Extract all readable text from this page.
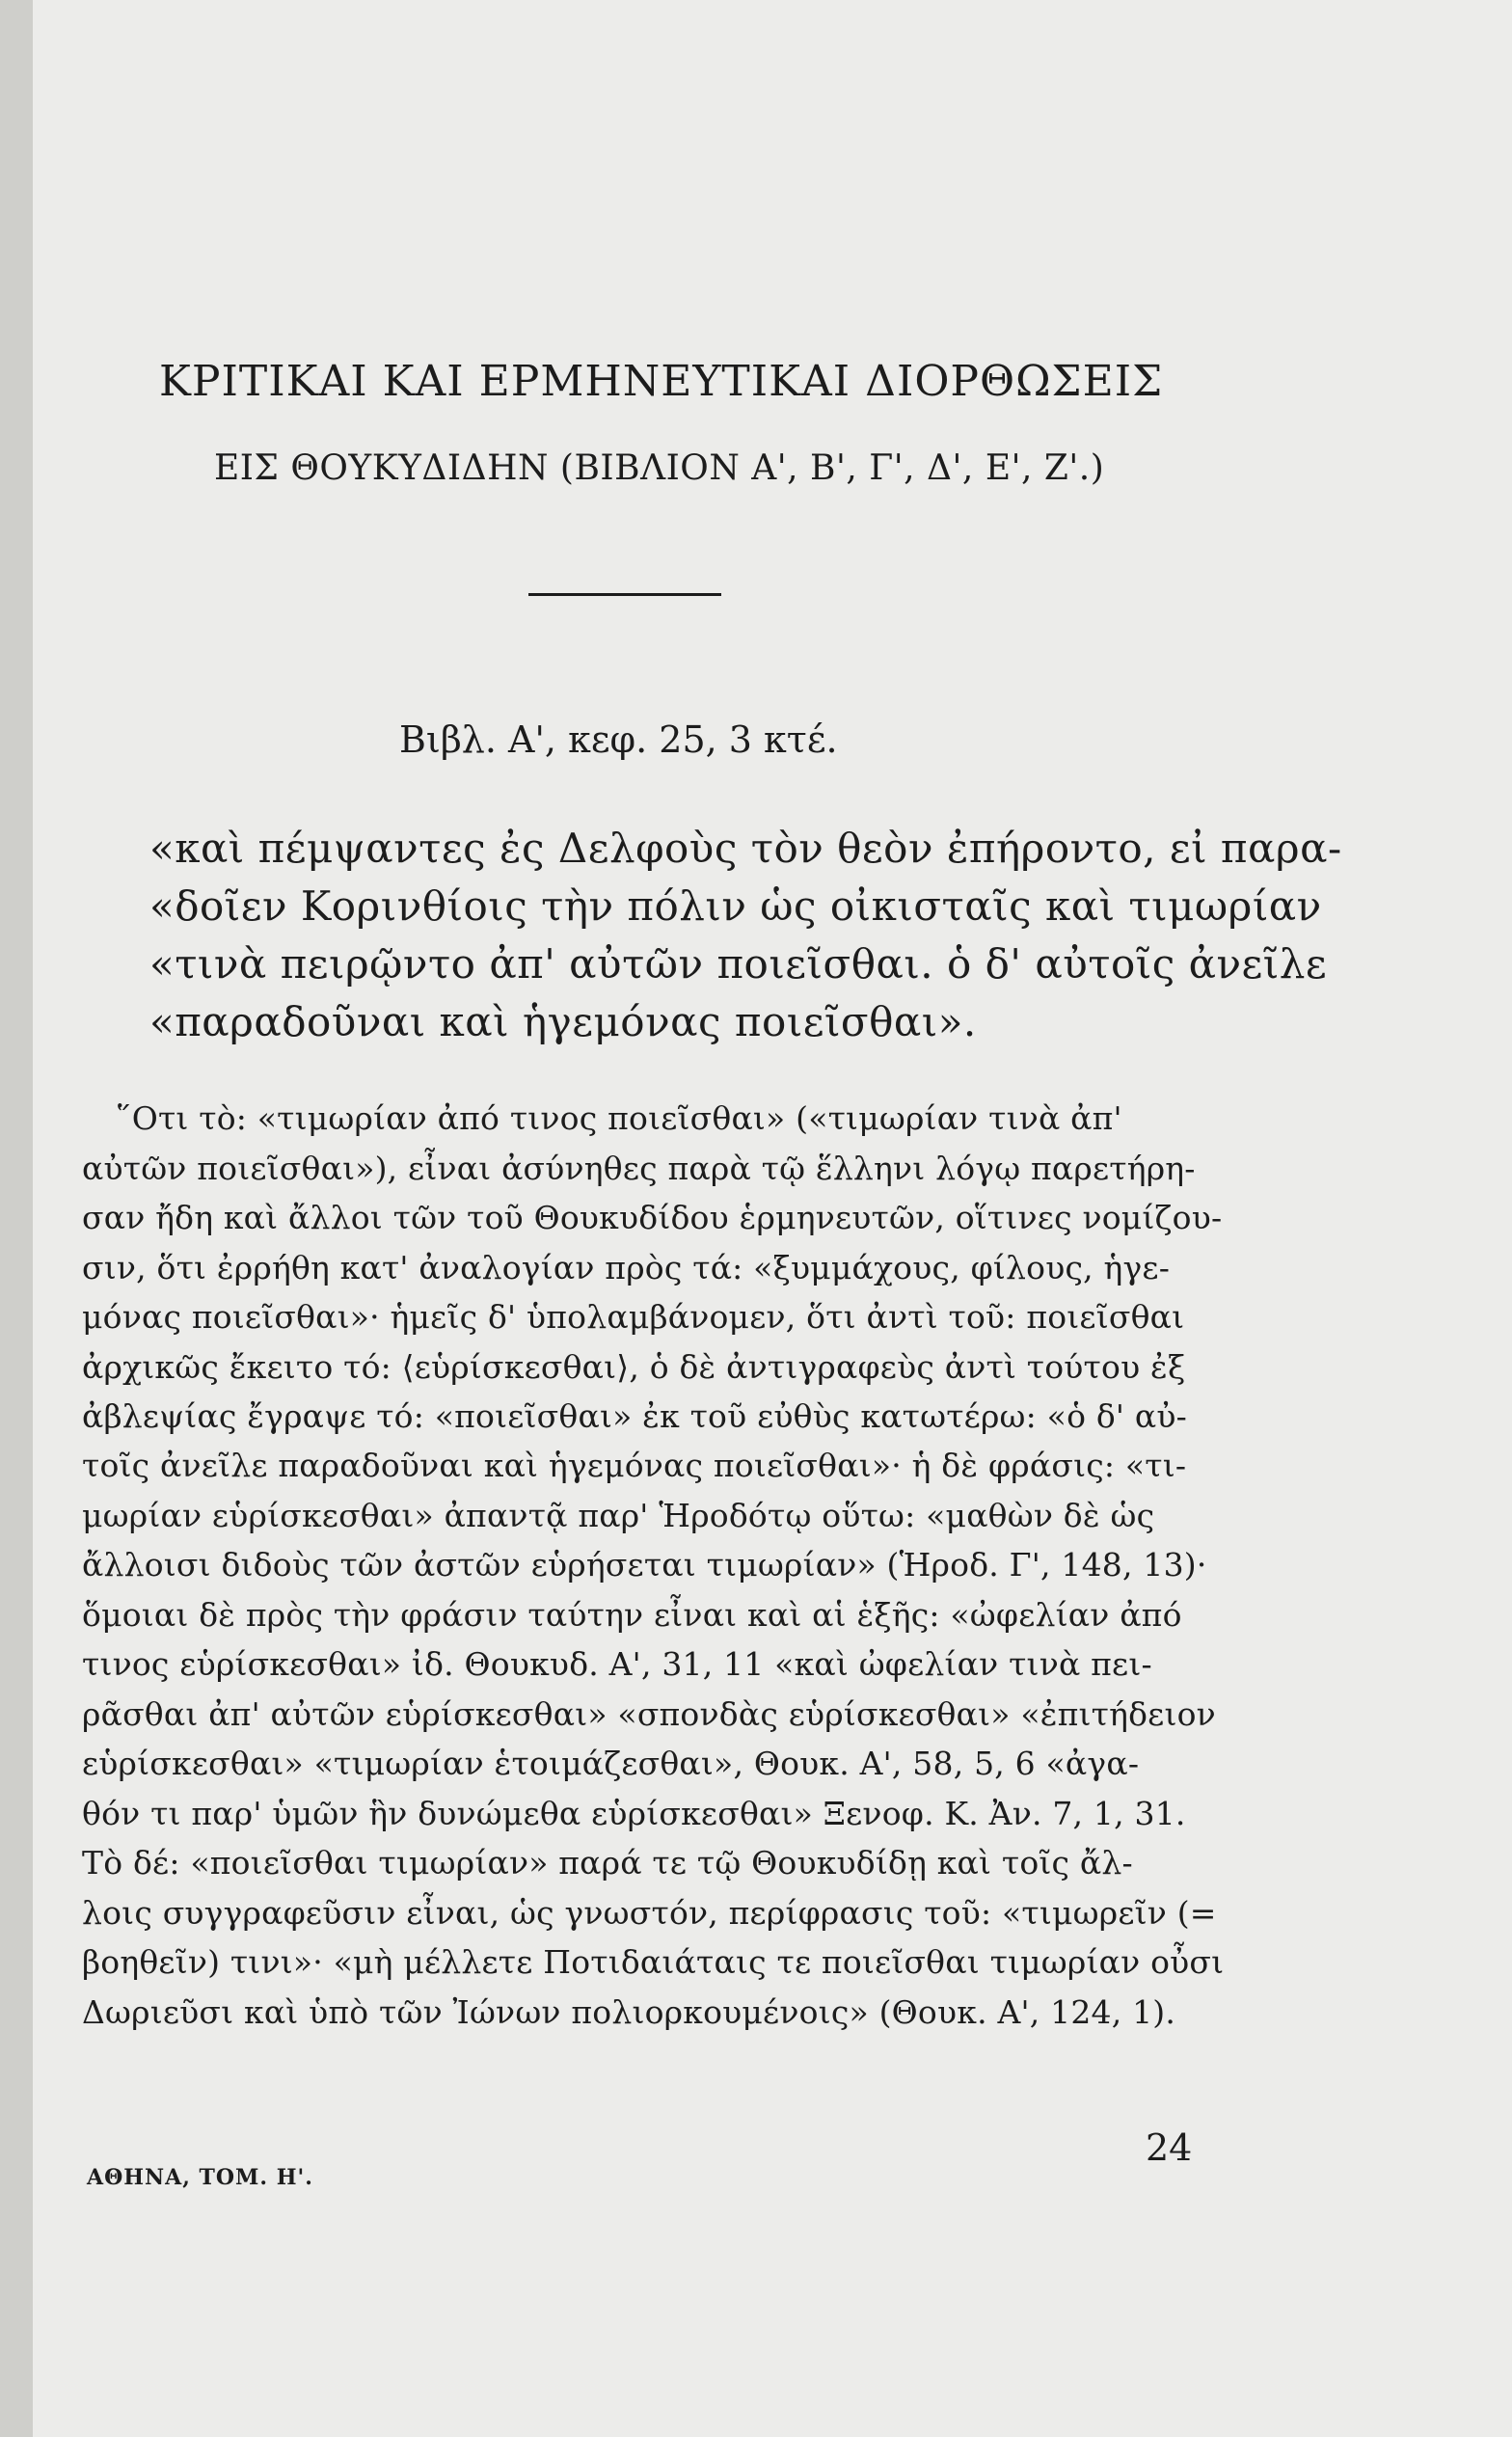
ΚΡΙΤΙΚΑΙ ΚΑΙ ΕΡΜΗΝΕΥΤΙΚΑΙ ΔΙΟΡΘΩΣΕΙΣ
ΕΙΣ ΘΟΥΚΥΔΙΔΗΝ (ΒΙΒΛΙΟΝ Α', Β', Γ', Δ', Ε', Ζ'.)
Βιβλ. Α', κεφ. 25, 3 κτέ.
«καὶ πέμψαντες ἐς Δελφοὺς τὸν θεὸν ἐπήροντο, εἰ παρα-
«δοῖεν Κορινθίοις τὴν πόλιν ὡς οἰκισταῖς καὶ τιμωρίαν
«τινὰ πειρῷντο ἀπ' αὐτῶν ποιεῖσθαι. ὁ δ' αὐτοῖς ἀνεῖλε
«παραδοῦναι καὶ ἡγεμόνας ποιεῖσθαι».
῞Οτι τὸ: «τιμωρίαν ἀπό τινος ποιεῖσθαι» («τιμωρίαν τινὰ ἀπ'
αὐτῶν ποιεῖσθαι»), εἶναι ἀσύνηθες παρὰ τῷ ἕλληνι λόγῳ παρετήρη-
σαν ἤδη καὶ ἄλλοι τῶν τοῦ Θουκυδίδου ἑρμηνευτῶν, οἵτινες νομίζου-
σιν, ὅτι ἐρρήθη κατ' ἀναλογίαν πρὸς τά: «ξυμμάχους, φίλους, ἡγε-
μόνας ποιεῖσθαι»· ἡμεῖς δ' ὑπολαμβάνομεν, ὅτι ἀντὶ τοῦ: ποιεῖσθαι
ἀρχικῶς ἔκειτο τό: ⟨εὑρίσκεσθαι⟩, ὁ δὲ ἀντιγραφεὺς ἀντὶ τούτου ἐξ
ἀβλεψίας ἔγραψε τό: «ποιεῖσθαι» ἐκ τοῦ εὐθὺς κατωτέρω: «ὁ δ' αὐ-
τοῖς ἀνεῖλε παραδοῦναι καὶ ἡγεμόνας ποιεῖσθαι»· ἡ δὲ φράσις: «τι-
μωρίαν εὑρίσκεσθαι» ἀπαντᾷ παρ' Ἡροδότῳ οὕτω: «μαθὼν δὲ ὡς
ἄλλοισι διδοὺς τῶν ἀστῶν εὑρήσεται τιμωρίαν» (Ἡροδ. Γ', 148, 13)·
ὅμοιαι δὲ πρὸς τὴν φράσιν ταύτην εἶναι καὶ αἱ ἑξῆς: «ὠφελίαν ἀπό
τινος εὑρίσκεσθαι» ἰδ. Θουκυδ. Α', 31, 11 «καὶ ὠφελίαν τινὰ πει-
ρᾶσθαι ἀπ' αὐτῶν εὑρίσκεσθαι» «σπονδὰς εὑρίσκεσθαι» «ἐπιτήδειον
εὑρίσκεσθαι» «τιμωρίαν ἑτοιμάζεσθαι», Θουκ. Α', 58, 5, 6 «ἀγα-
θόν τι παρ' ὑμῶν ἣν δυνώμεθα εὑρίσκεσθαι» Ξενοφ. Κ. Ἀν. 7, 1, 31.
Τὸ δέ: «ποιεῖσθαι τιμωρίαν» παρά τε τῷ Θουκυδίδῃ καὶ τοῖς ἄλ-
λοις συγγραφεῦσιν εἶναι, ὡς γνωστόν, περίφρασις τοῦ: «τιμωρεῖν (=
βοηθεῖν) τινι»· «μὴ μέλλετε Ποτιδαιάταις τε ποιεῖσθαι τιμωρίαν οὖσι
Δωριεῦσι καὶ ὑπὸ τῶν Ἰώνων πολιορκουμένοις» (Θουκ. Α', 124, 1).
24
ΑΘΗΝΑ, ΤΟΜ. Η'.
